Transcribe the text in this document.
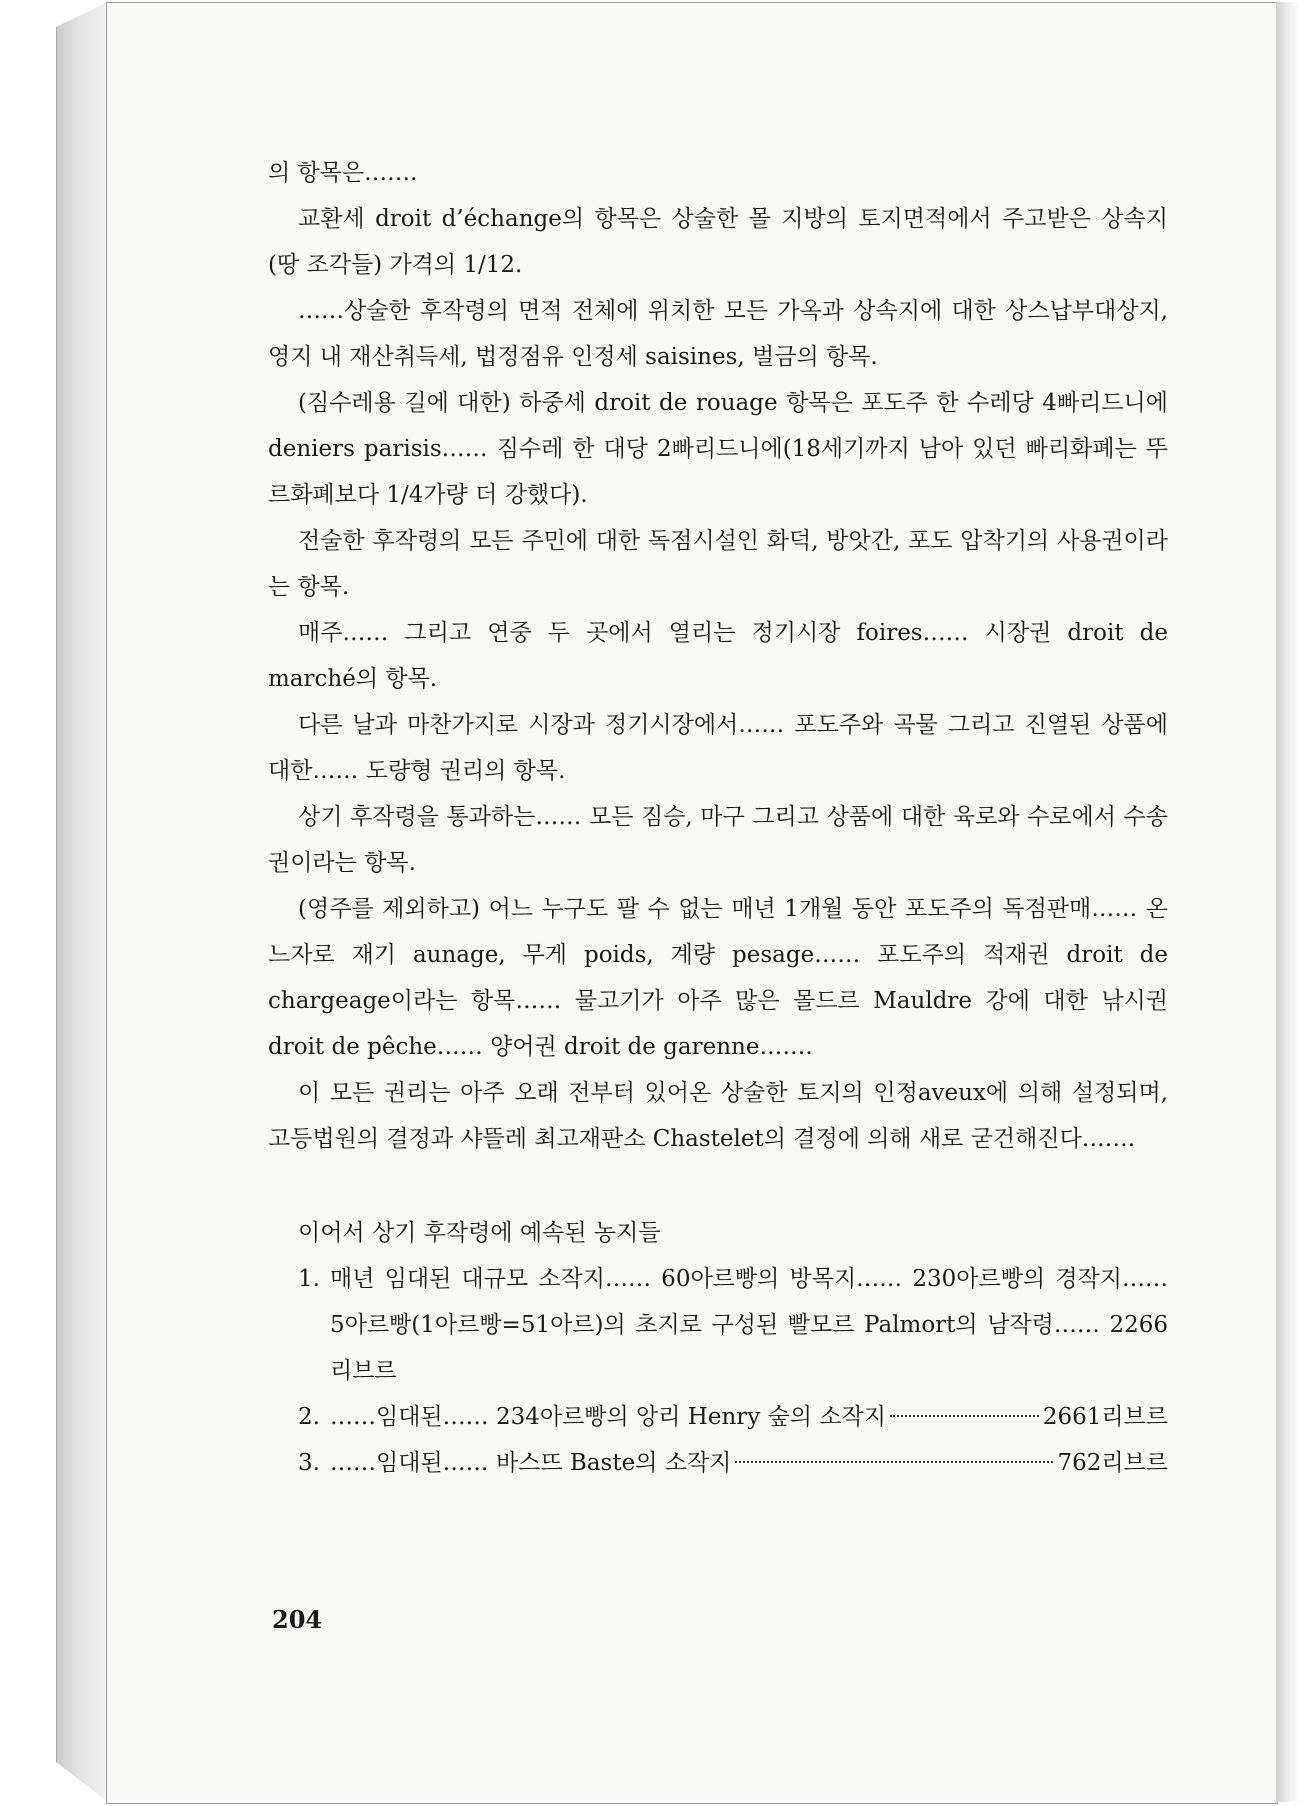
의 항목은…….

교환세 droit d’échange의 항목은 상술한 몰 지방의 토지면적에서 주고받은 상속지(땅 조각들) 가격의 1/12.

……상술한 후작령의 면적 전체에 위치한 모든 가옥과 상속지에 대한 상스납부대상지, 영지 내 재산취득세, 법정점유 인정세 saisines, 벌금의 항목.

(짐수레용 길에 대한) 하중세 droit de rouage 항목은 포도주 한 수레당 4빠리드니에 deniers parisis…… 짐수레 한 대당 2빠리드니에(18세기까지 남아 있던 빠리화폐는 뚜르화폐보다 1/4가량 더 강했다).

전술한 후작령의 모든 주민에 대한 독점시설인 화덕, 방앗간, 포도 압착기의 사용권이라는 항목.

매주…… 그리고 연중 두 곳에서 열리는 정기시장 foires…… 시장권 droit de marché의 항목.

다른 날과 마찬가지로 시장과 정기시장에서…… 포도주와 곡물 그리고 진열된 상품에 대한…… 도량형 권리의 항목.

상기 후작령을 통과하는…… 모든 짐승, 마구 그리고 상품에 대한 육로와 수로에서 수송권이라는 항목.

(영주를 제외하고) 어느 누구도 팔 수 없는 매년 1개월 동안 포도주의 독점판매…… 온느자로 재기 aunage, 무게 poids, 계량 pesage…… 포도주의 적재권 droit de chargeage이라는 항목…… 물고기가 아주 많은 몰드르 Mauldre 강에 대한 낚시권 droit de pêche…… 양어권 droit de garenne…….

이 모든 권리는 아주 오래 전부터 있어온 상술한 토지의 인정aveux에 의해 설정되며, 고등법원의 결정과 샤뜰레 최고재판소 Chastelet의 결정에 의해 새로 굳건해진다…….

이어서 상기 후작령에 예속된 농지들

1. 매년 임대된 대규모 소작지…… 60아르빵의 방목지…… 230아르빵의 경작지…… 5아르빵(1아르빵=51아르)의 초지로 구성된 빨모르 Palmort의 남작령…… 2266리브르
2. ……임대된…… 234아르빵의 앙리 Henry 숲의 소작지	2661리브르
3. ……임대된…… 바스뜨 Baste의 소작지	762리브르
204
